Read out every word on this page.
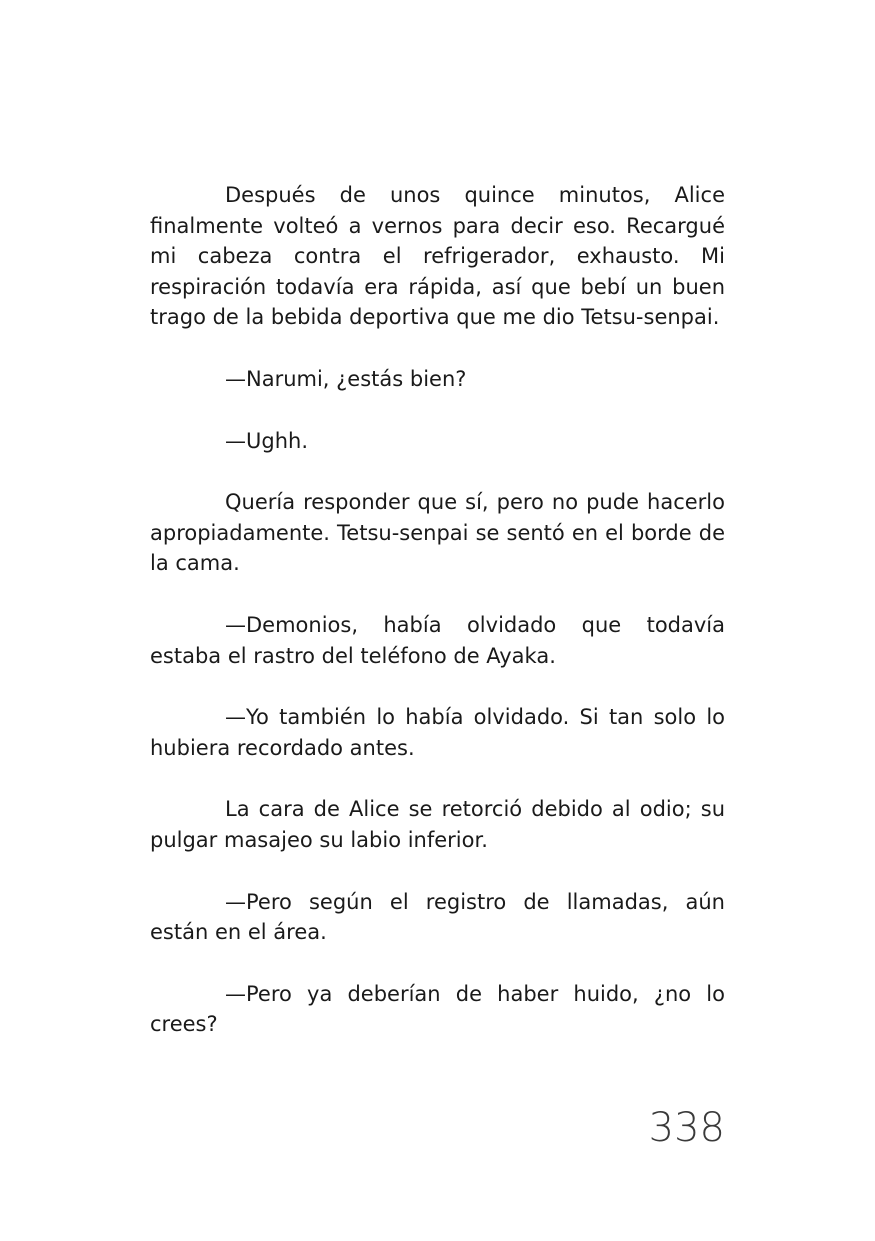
Después de unos quince minutos, Alice finalmente volteó a vernos para decir eso. Recargué mi cabeza contra el refrigerador, exhausto. Mi respiración todavía era rápida, así que bebí un buen trago de la bebida deportiva que me dio Tetsu-senpai.

—Narumi, ¿estás bien?

—Ughh.

Quería responder que sí, pero no pude hacerlo apropiadamente. Tetsu-senpai se sentó en el borde de la cama.

—Demonios, había olvidado que todavía estaba el rastro del teléfono de Ayaka.

—Yo también lo había olvidado. Si tan solo lo hubiera recordado antes.

La cara de Alice se retorció debido al odio; su pulgar masajeo su labio inferior.

—Pero según el registro de llamadas, aún están en el área.

—Pero ya deberían de haber huido, ¿no lo crees?

338
